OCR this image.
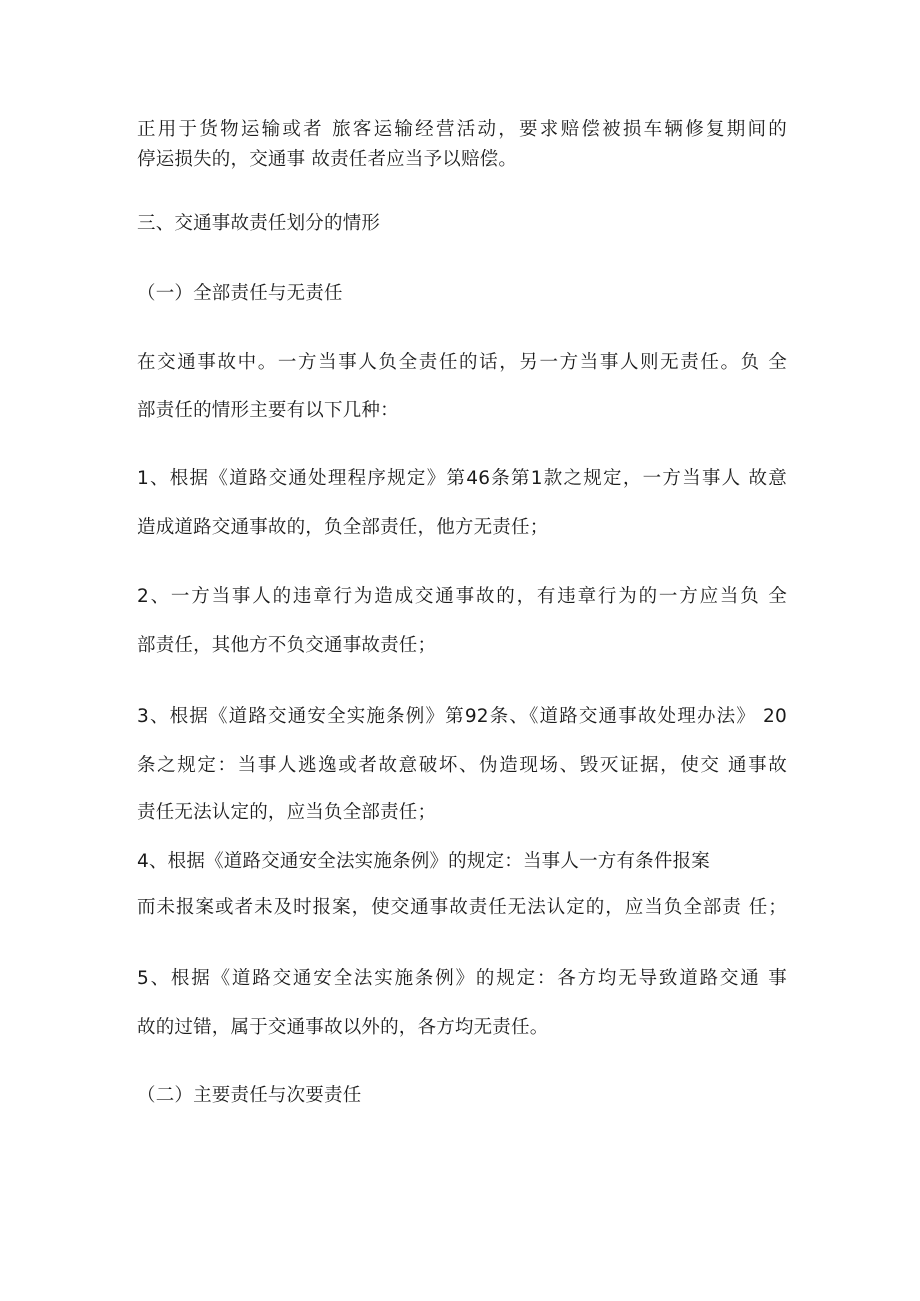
正用于货物运输或者 旅客运输经营活动，要求赔偿被损车辆修复期间的
停运损失的，交通事 故责任者应当予以赔偿。
三、交通事故责任划分的情形
（一）全部责任与无责任
在交通事故中。一方当事人负全责任的话，另一方当事人则无责任。负 全
部责任的情形主要有以下几种：
1、根据《道路交通处理程序规定》第46条第1款之规定，一方当事人 故意
造成道路交通事故的，负全部责任，他方无责任；
2、一方当事人的违章行为造成交通事故的，有违章行为的一方应当负 全
部责任，其他方不负交通事故责任；
3、根据《道路交通安全实施条例》第92条、《道路交通事故处理办法》 20
条之规定：当事人逃逸或者故意破坏、伪造现场、毁灭证据，使交 通事故
责任无法认定的，应当负全部责任；
4、根据《道路交通安全法实施条例》的规定：当事人一方有条件报案
而未报案或者未及时报案，使交通事故责任无法认定的，应当负全部责 任；
5、根据《道路交通安全法实施条例》的规定：各方均无导致道路交通 事
故的过错，属于交通事故以外的，各方均无责任。
（二）主要责任与次要责任
